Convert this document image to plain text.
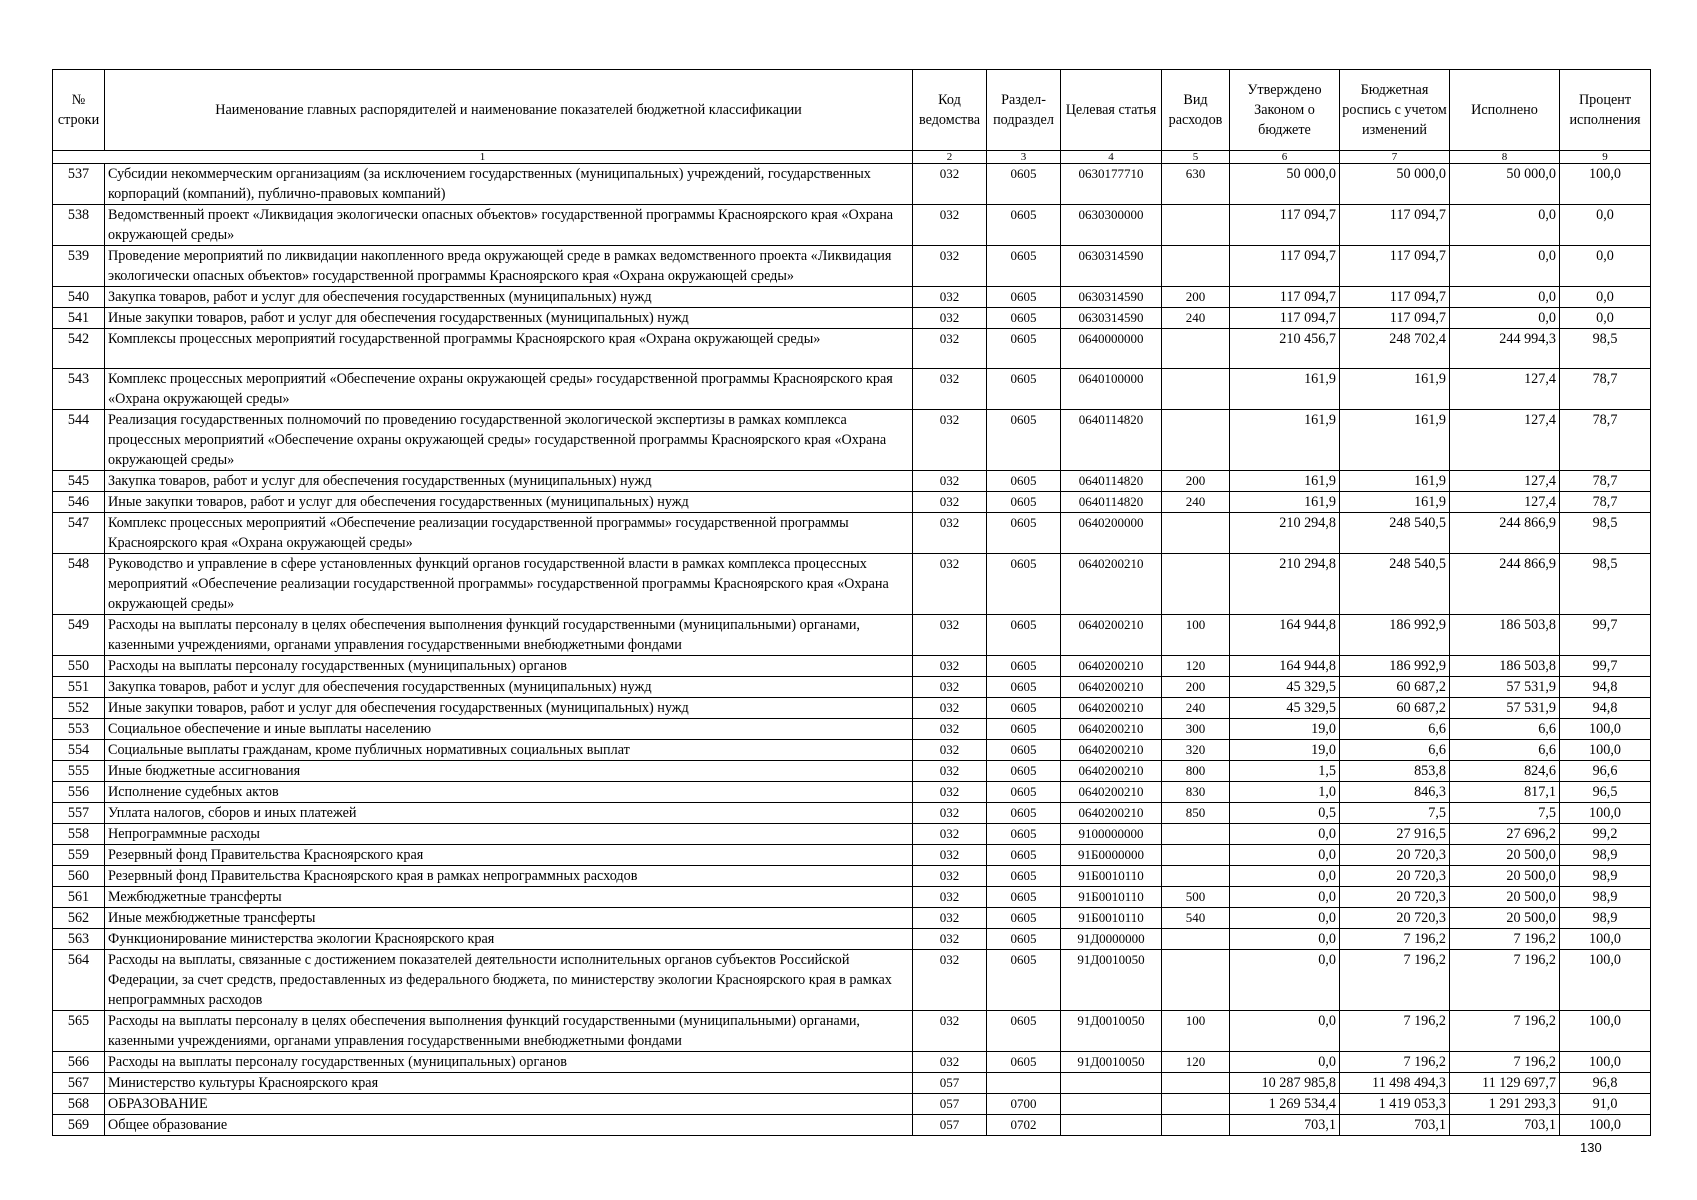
№ строки	Наименование главных распорядителей и наименование показателей бюджетной классификации	Код ведомства	Раздел-подраздел	Целевая статья	Вид расходов	Утверждено Законом о бюджете	Бюджетная роспись с учетом изменений	Исполнено	Процент исполнения
1		2	3	4	5	6	7	8	9
537	Субсидии некоммерческим организациям (за исключением государственных (муниципальных) учреждений, государственных корпораций (компаний), публично-правовых компаний)	032	0605	0630177710	630	50 000,0	50 000,0	50 000,0	100,0
538	Ведомственный проект «Ликвидация экологически опасных объектов» государственной программы Красноярского края «Охрана окружающей среды»	032	0605	0630300000		117 094,7	117 094,7	0,0	0,0
539	Проведение мероприятий по ликвидации накопленного вреда окружающей среде в рамках ведомственного проекта «Ликвидация экологически опасных объектов» государственной программы Красноярского края «Охрана окружающей среды»	032	0605	0630314590		117 094,7	117 094,7	0,0	0,0
540	Закупка товаров, работ и услуг для обеспечения государственных (муниципальных) нужд	032	0605	0630314590	200	117 094,7	117 094,7	0,0	0,0
541	Иные закупки товаров, работ и услуг для обеспечения государственных (муниципальных) нужд	032	0605	0630314590	240	117 094,7	117 094,7	0,0	0,0
542	Комплексы процессных мероприятий государственной программы Красноярского края «Охрана окружающей среды»	032	0605	0640000000		210 456,7	248 702,4	244 994,3	98,5
543	Комплекс процессных мероприятий «Обеспечение охраны окружающей среды» государственной программы Красноярского края «Охрана окружающей среды»	032	0605	0640100000		161,9	161,9	127,4	78,7
544	Реализация государственных полномочий по проведению государственной экологической экспертизы в рамках комплекса процессных мероприятий «Обеспечение охраны окружающей среды» государственной программы Красноярского края «Охрана окружающей среды»	032	0605	0640114820		161,9	161,9	127,4	78,7
545	Закупка товаров, работ и услуг для обеспечения государственных (муниципальных) нужд	032	0605	0640114820	200	161,9	161,9	127,4	78,7
546	Иные закупки товаров, работ и услуг для обеспечения государственных (муниципальных) нужд	032	0605	0640114820	240	161,9	161,9	127,4	78,7
547	Комплекс процессных мероприятий «Обеспечение реализации государственной программы» государственной программы Красноярского края «Охрана окружающей среды»	032	0605	0640200000		210 294,8	248 540,5	244 866,9	98,5
548	Руководство и управление в сфере установленных функций органов государственной власти в рамках комплекса процессных мероприятий «Обеспечение реализации государственной программы» государственной программы Красноярского края «Охрана окружающей среды»	032	0605	0640200210		210 294,8	248 540,5	244 866,9	98,5
549	Расходы на выплаты персоналу в целях обеспечения выполнения функций государственными (муниципальными) органами, казенными учреждениями, органами управления государственными внебюджетными фондами	032	0605	0640200210	100	164 944,8	186 992,9	186 503,8	99,7
550	Расходы на выплаты персоналу государственных (муниципальных) органов	032	0605	0640200210	120	164 944,8	186 992,9	186 503,8	99,7
551	Закупка товаров, работ и услуг для обеспечения государственных (муниципальных) нужд	032	0605	0640200210	200	45 329,5	60 687,2	57 531,9	94,8
552	Иные закупки товаров, работ и услуг для обеспечения государственных (муниципальных) нужд	032	0605	0640200210	240	45 329,5	60 687,2	57 531,9	94,8
553	Социальное обеспечение и иные выплаты населению	032	0605	0640200210	300	19,0	6,6	6,6	100,0
554	Социальные выплаты гражданам, кроме публичных нормативных социальных выплат	032	0605	0640200210	320	19,0	6,6	6,6	100,0
555	Иные бюджетные ассигнования	032	0605	0640200210	800	1,5	853,8	824,6	96,6
556	Исполнение судебных актов	032	0605	0640200210	830	1,0	846,3	817,1	96,5
557	Уплата налогов, сборов и иных платежей	032	0605	0640200210	850	0,5	7,5	7,5	100,0
558	Непрограммные расходы	032	0605	9100000000		0,0	27 916,5	27 696,2	99,2
559	Резервный фонд Правительства Красноярского края	032	0605	91Б0000000		0,0	20 720,3	20 500,0	98,9
560	Резервный фонд Правительства Красноярского края в рамках непрограммных расходов	032	0605	91Б0010110		0,0	20 720,3	20 500,0	98,9
561	Межбюджетные трансферты	032	0605	91Б0010110	500	0,0	20 720,3	20 500,0	98,9
562	Иные межбюджетные трансферты	032	0605	91Б0010110	540	0,0	20 720,3	20 500,0	98,9
563	Функционирование министерства экологии Красноярского края	032	0605	91Д0000000		0,0	7 196,2	7 196,2	100,0
564	Расходы на выплаты, связанные с достижением показателей деятельности исполнительных органов субъектов Российской Федерации, за счет средств, предоставленных из федерального бюджета, по министерству экологии Красноярского края в рамках непрограммных расходов	032	0605	91Д0010050		0,0	7 196,2	7 196,2	100,0
565	Расходы на выплаты персоналу в целях обеспечения выполнения функций государственными (муниципальными) органами, казенными учреждениями, органами управления государственными внебюджетными фондами	032	0605	91Д0010050	100	0,0	7 196,2	7 196,2	100,0
566	Расходы на выплаты персоналу государственных (муниципальных) органов	032	0605	91Д0010050	120	0,0	7 196,2	7 196,2	100,0
567	Министерство культуры Красноярского края	057				10 287 985,8	11 498 494,3	11 129 697,7	96,8
568	ОБРАЗОВАНИЕ	057	0700			1 269 534,4	1 419 053,3	1 291 293,3	91,0
569	Общее образование	057	0702			703,1	703,1	703,1	100,0
130
